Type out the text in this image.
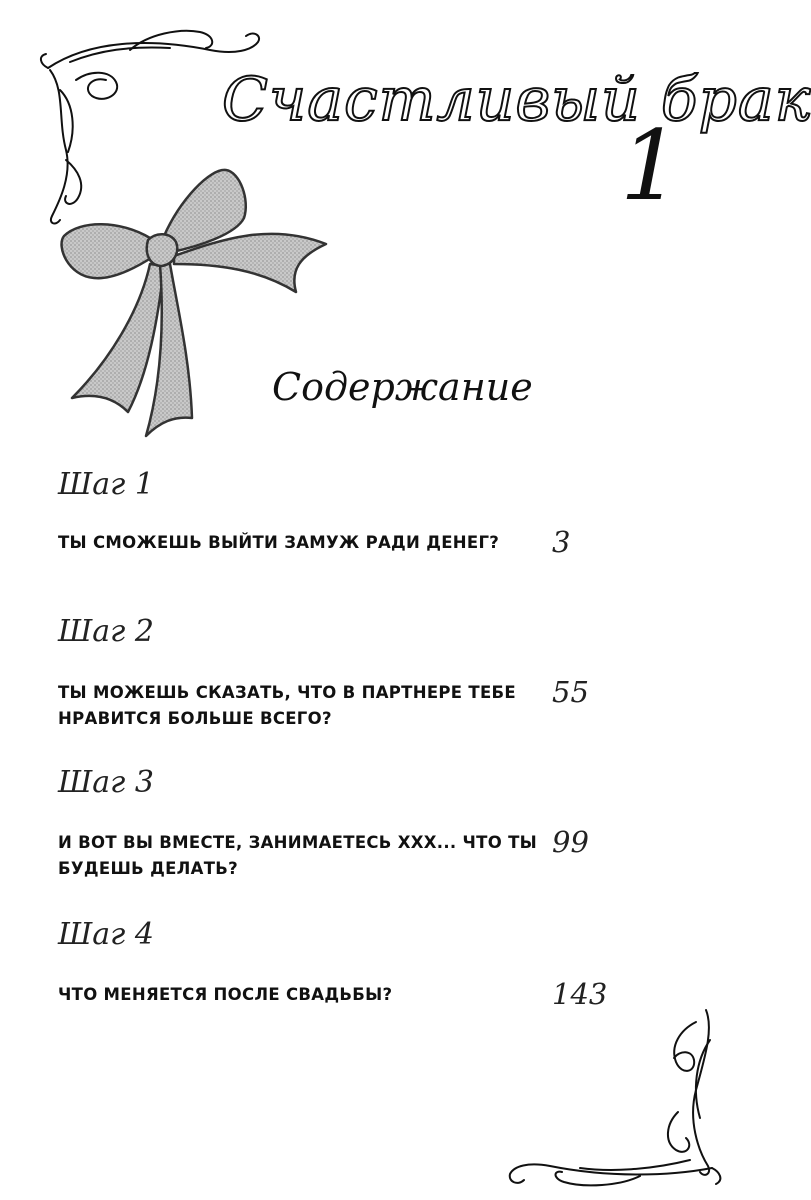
Счастливый брак
1
Содержание
Шаг 1
ТЫ СМОЖЕШЬ ВЫЙТИ ЗАМУЖ РАДИ ДЕНЕГ?	3
Шаг 2
ТЫ МОЖЕШЬ СКАЗАТЬ, ЧТО В ПАРТНЕРЕ ТЕБЕ НРАВИТСЯ БОЛЬШЕ ВСЕГО?
55
Шаг 3
И ВОТ ВЫ ВМЕСТЕ, ЗАНИМАЕТЕСЬ ХХХ... ЧТО ТЫ БУДЕШЬ ДЕЛАТЬ?
99
Шаг 4
ЧТО МЕНЯЕТСЯ ПОСЛЕ СВАДЬБЫ?	143
